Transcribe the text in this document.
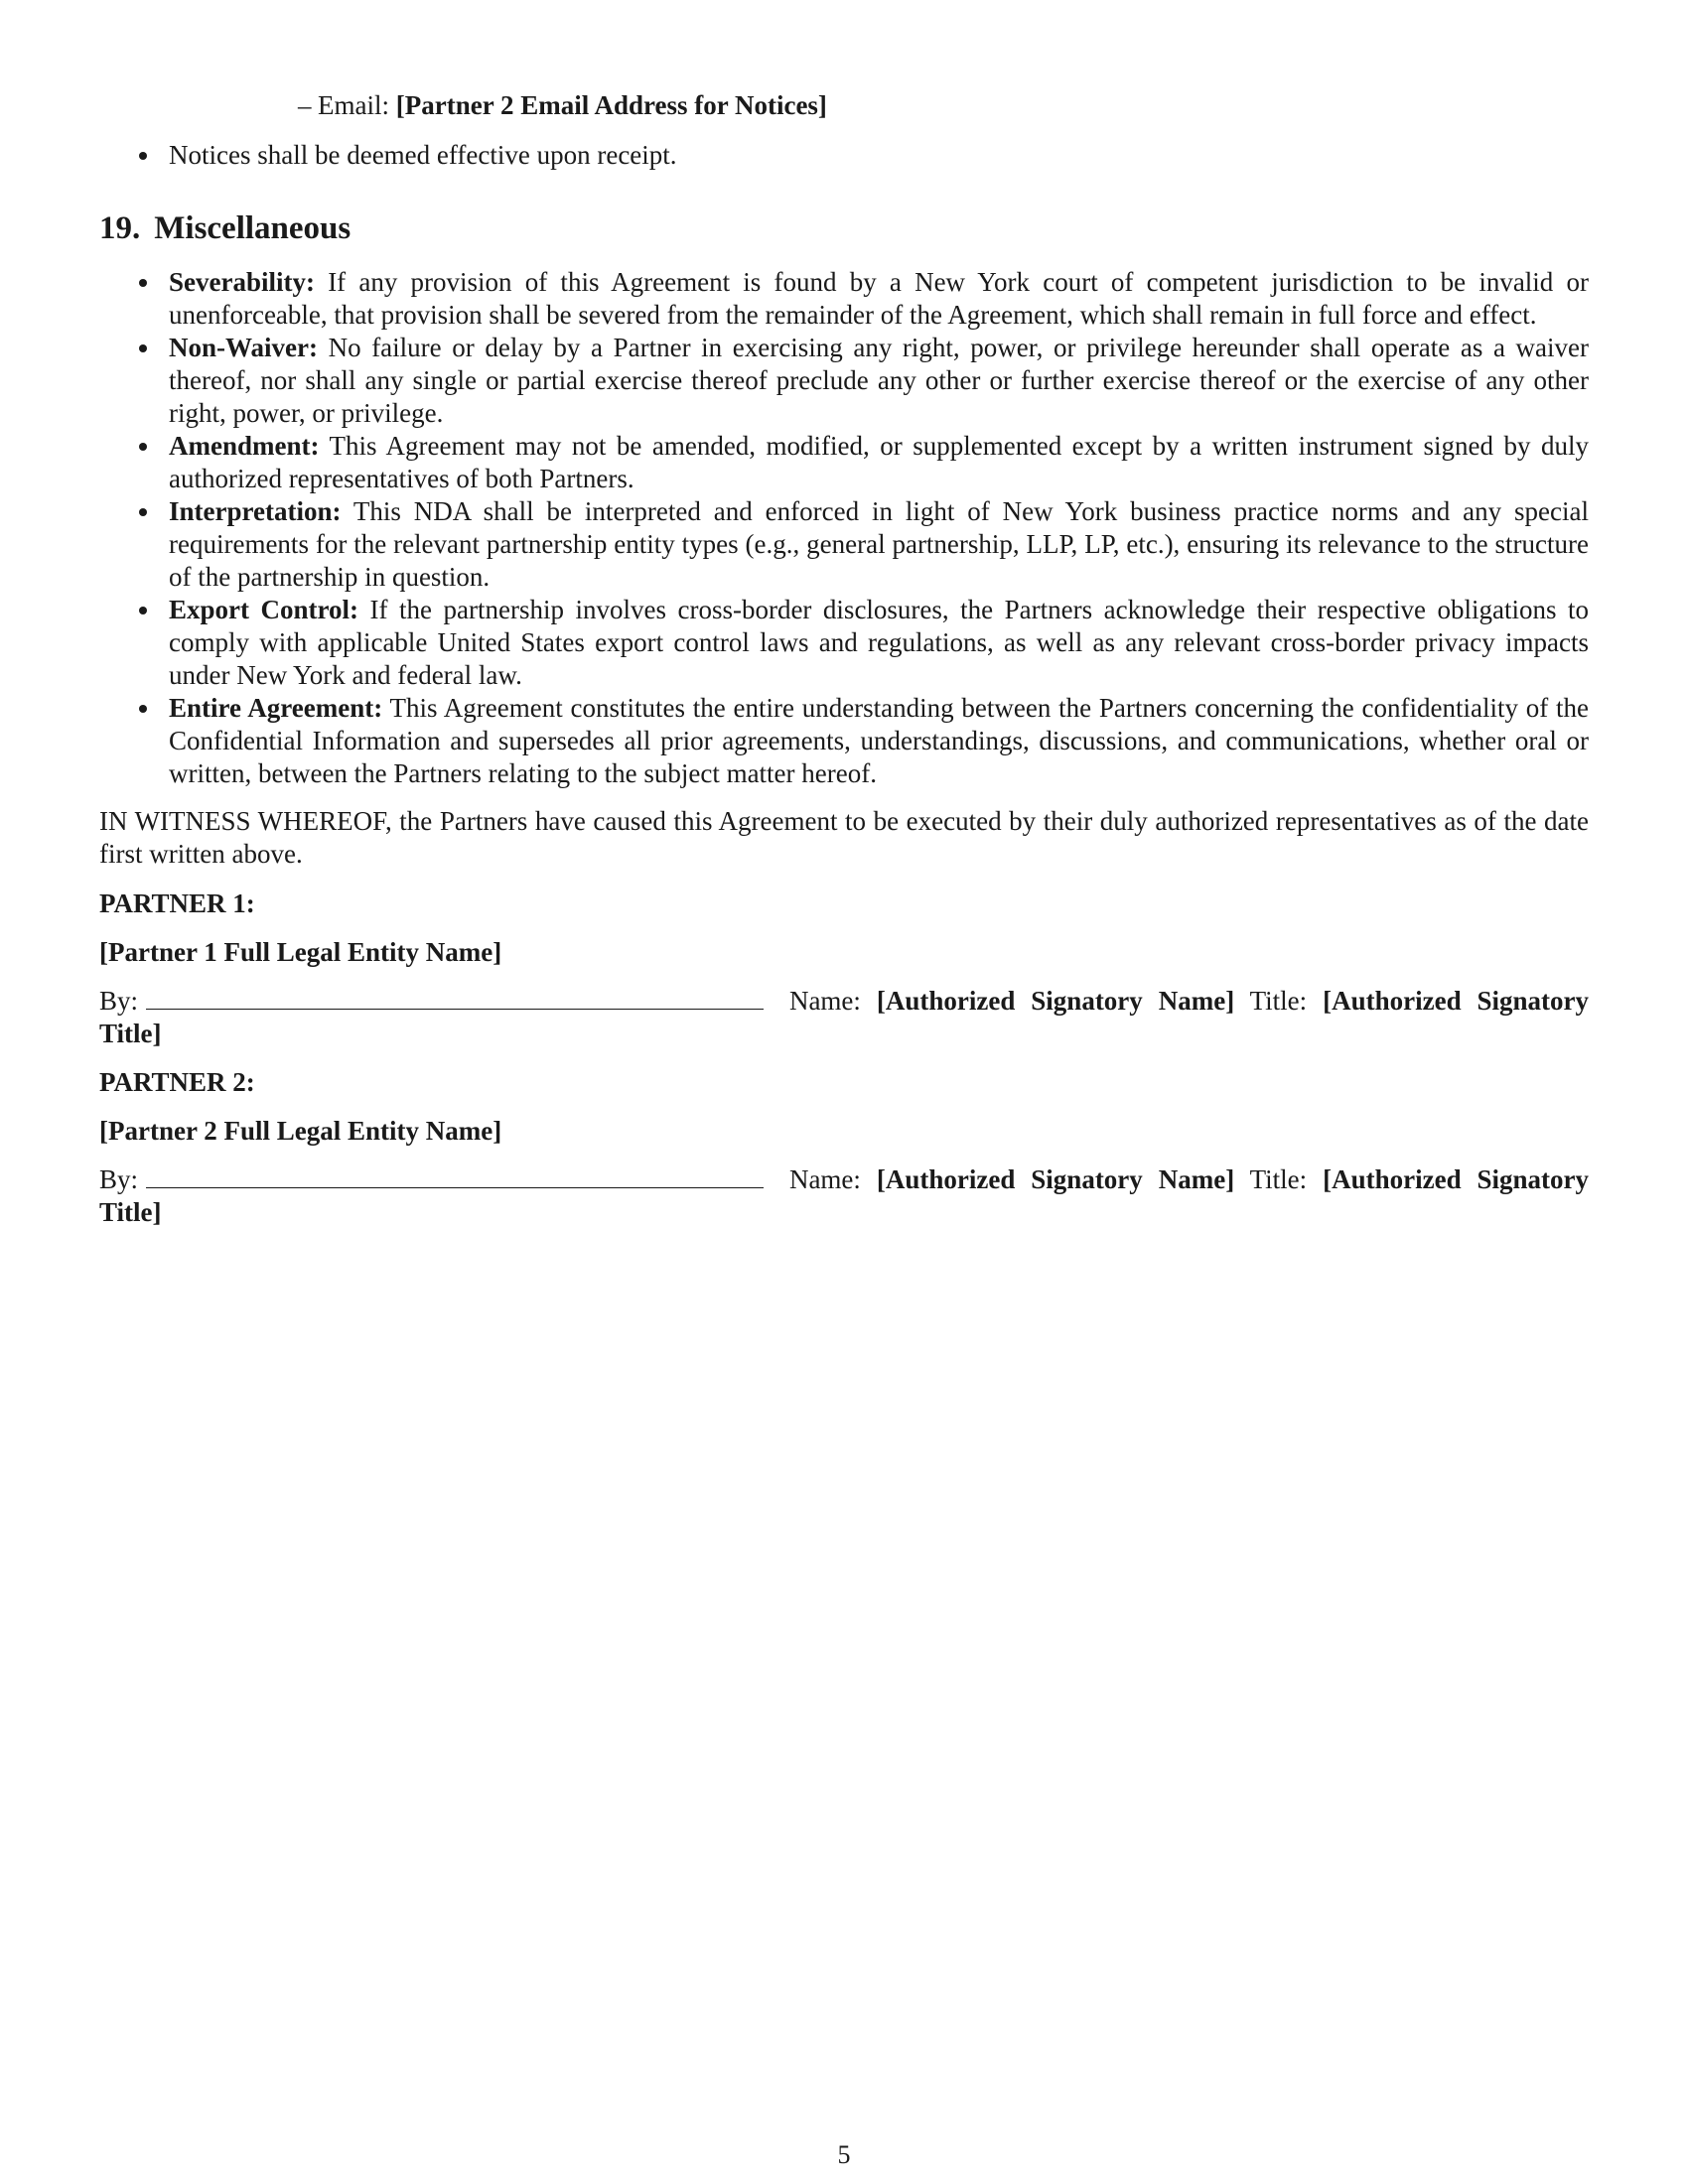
– Email: [Partner 2 Email Address for Notices]

Notices shall be deemed effective upon receipt.
19. Miscellaneous
Severability: If any provision of this Agreement is found by a New York court of competent jurisdiction to be invalid or unenforceable, that provision shall be severed from the remainder of the Agreement, which shall remain in full force and effect.
Non-Waiver: No failure or delay by a Partner in exercising any right, power, or privilege hereunder shall operate as a waiver thereof, nor shall any single or partial exercise thereof preclude any other or further exercise thereof or the exercise of any other right, power, or privilege.
Amendment: This Agreement may not be amended, modified, or supplemented except by a written instrument signed by duly authorized representatives of both Partners.
Interpretation: This NDA shall be interpreted and enforced in light of New York business practice norms and any special requirements for the relevant partnership entity types (e.g., general partnership, LLP, LP, etc.), ensuring its relevance to the structure of the partnership in question.
Export Control: If the partnership involves cross-border disclosures, the Partners acknowledge their respective obligations to comply with applicable United States export control laws and regulations, as well as any relevant cross-border privacy impacts under New York and federal law.
Entire Agreement: This Agreement constitutes the entire understanding between the Partners concerning the confidentiality of the Confidential Information and supersedes all prior agreements, understandings, discussions, and communications, whether oral or written, between the Partners relating to the subject matter hereof.

IN WITNESS WHEREOF, the Partners have caused this Agreement to be executed by their duly authorized representatives as of the date first written above.

PARTNER 1:

[Partner 1 Full Legal Entity Name]

By:	Name: [Authorized Signatory Name] Title: [Authorized Signatory Title]

PARTNER 2:

[Partner 2 Full Legal Entity Name]

By:	Name: [Authorized Signatory Name] Title: [Authorized Signatory Title]

5
